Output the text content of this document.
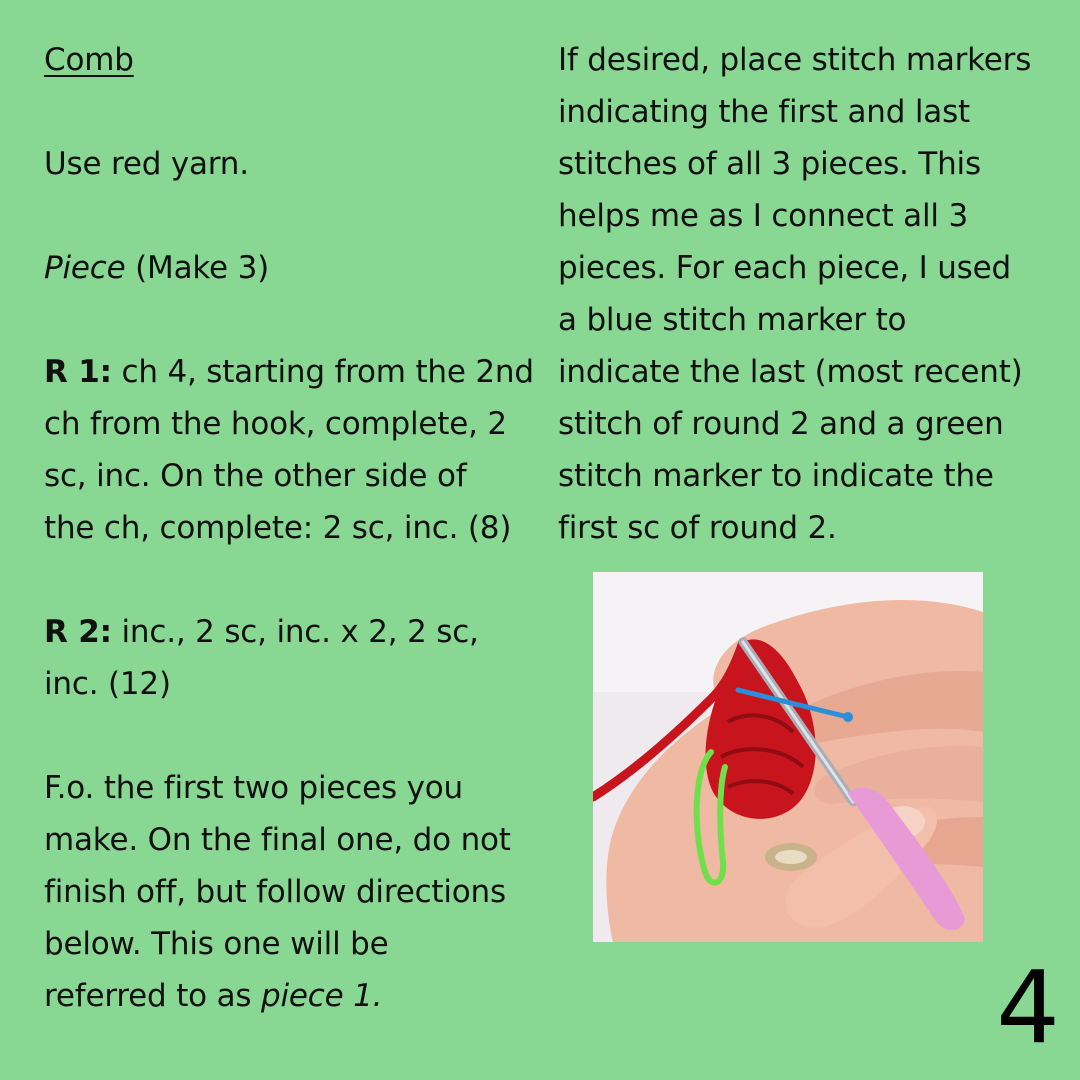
Comb
Use red yarn.
Piece (Make 3)
R 1: ch 4, starting from the 2nd
ch from the hook, complete, 2
sc, inc. On the other side of
the ch, complete: 2 sc, inc. (8)
R 2: inc., 2 sc, inc. x 2, 2 sc,
inc. (12)
F.o. the first two pieces you
make. On the final one, do not
finish off, but follow directions
below. This one will be
referred to as piece 1.
If desired, place stitch markers
indicating the first and last
stitches of all 3 pieces. This
helps me as I connect all 3
pieces. For each piece, I used
a blue stitch marker to
indicate the last (most recent)
stitch of round 2 and a green
stitch marker to indicate the
first sc of round 2.
4
